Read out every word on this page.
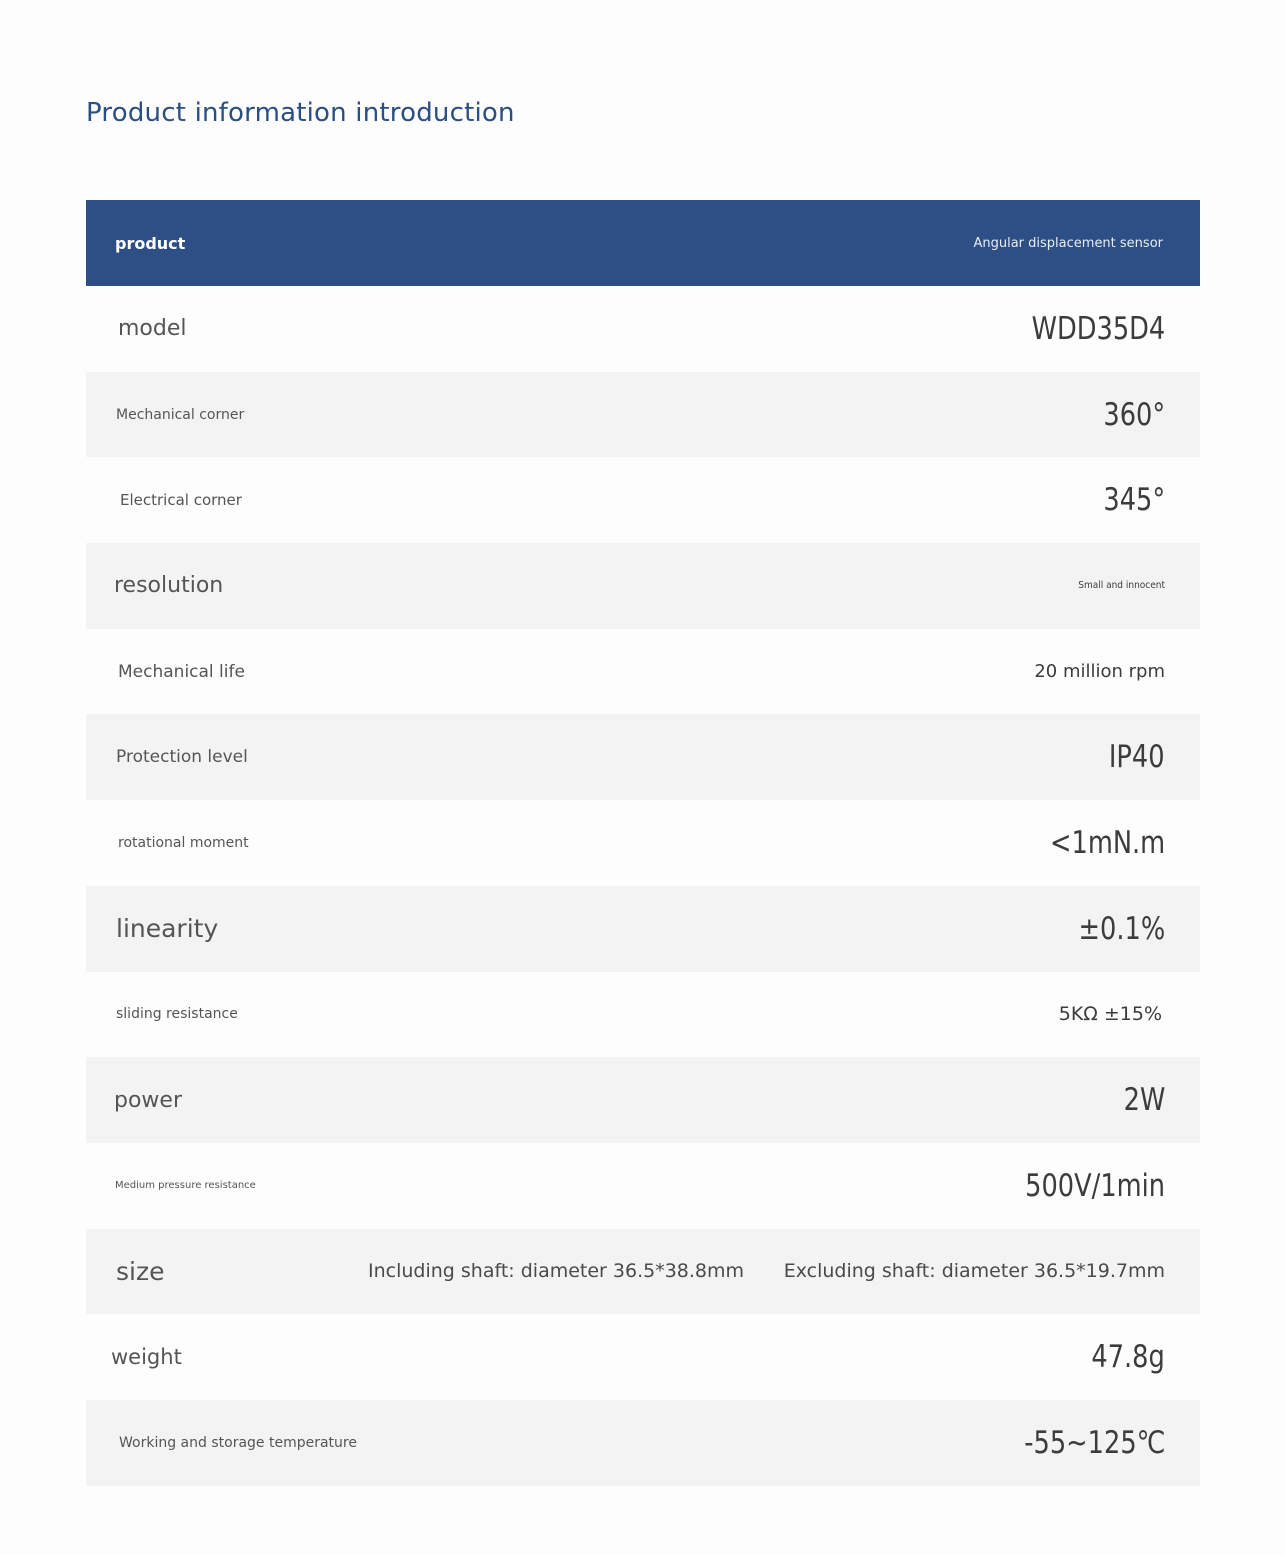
Product information introduction
product	Angular displacement sensor
model	WDD35D4
Mechanical corner	360°
Electrical corner	345°
resolution	Small and innocent
Mechanical life	20 million rpm
Protection level	IP40
rotational moment	<1mN.m
linearity	±0.1%
sliding resistance	5KΩ ±15%
power	2W
Medium pressure resistance	500V/1min
size	Including shaft: diameter 36.5*38.8mm Excluding shaft: diameter 36.5*19.7mm
weight	47.8g
Working and storage temperature	-55~125℃
